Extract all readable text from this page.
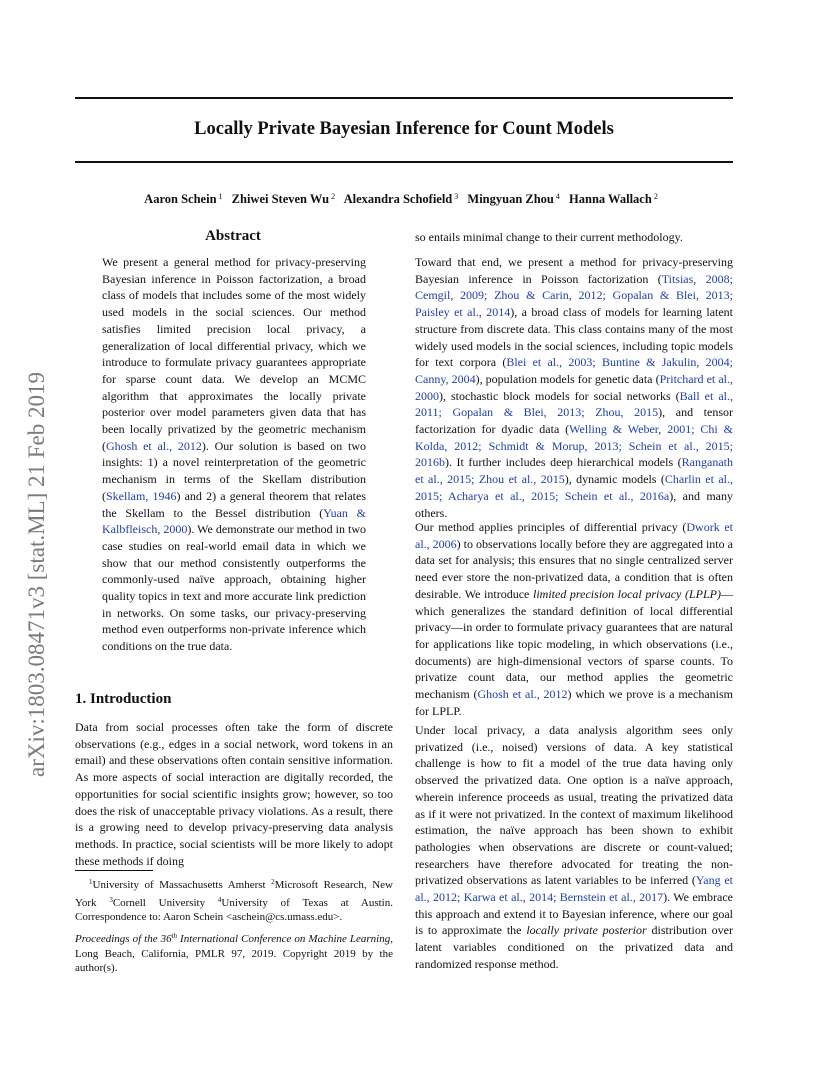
Locally Private Bayesian Inference for Count Models
Aaron Schein $^1$ Zhiwei Steven Wu $^2$ Alexandra Schofield $^3$ Mingyuan Zhou $^4$ Hanna Wallach $^2$
arXiv:1803.08471v3 [stat.ML] 21 Feb 2019
Abstract

We present a general method for privacy-preserving Bayesian inference in Poisson factorization, a broad class of models that includes some of the most widely used models in the social sciences. Our method satisfies limited precision local privacy, a generalization of local differential privacy, which we introduce to formulate privacy guarantees appropriate for sparse count data. We develop an MCMC algorithm that approximates the locally private posterior over model parameters given data that has been locally privatized by the geometric mechanism (Ghosh et al., 2012). Our solution is based on two insights: 1) a novel reinterpretation of the geometric mechanism in terms of the Skellam distribution (Skellam, 1946) and 2) a general theorem that relates the Skellam to the Bessel distribution (Yuan & Kalbfleisch, 2000). We demonstrate our method in two case studies on real-world email data in which we show that our method consistently outperforms the commonly-used naïve approach, obtaining higher quality topics in text and more accurate link prediction in networks. On some tasks, our privacy-preserving method even outperforms non-private inference which conditions on the true data.

1. Introduction

Data from social processes often take the form of discrete observations (e.g., edges in a social network, word tokens in an email) and these observations often contain sensitive information. As more aspects of social interaction are digitally recorded, the opportunities for social scientific insights grow; however, so too does the risk of unacceptable privacy violations. As a result, there is a growing need to develop privacy-preserving data analysis methods. In practice, social scientists will be more likely to adopt these methods if doing

$^1$University of Massachusetts Amherst $^2$Microsoft Research, New York $^3$Cornell University $^4$University of Texas at Austin. Correspondence to: Aaron Schein <aschein@cs.umass.edu>.
Proceedings of the 36th International Conference on Machine Learning, Long Beach, California, PMLR 97, 2019. Copyright 2019 by the author(s).

so entails minimal change to their current methodology.

Toward that end, we present a method for privacy-preserving Bayesian inference in Poisson factorization (Titsias, 2008; Cemgil, 2009; Zhou & Carin, 2012; Gopalan & Blei, 2013; Paisley et al., 2014), a broad class of models for learning latent structure from discrete data. This class contains many of the most widely used models in the social sciences, including topic models for text corpora (Blei et al., 2003; Buntine & Jakulin, 2004; Canny, 2004), population models for genetic data (Pritchard et al., 2000), stochastic block models for social networks (Ball et al., 2011; Gopalan & Blei, 2013; Zhou, 2015), and tensor factorization for dyadic data (Welling & Weber, 2001; Chi & Kolda, 2012; Schmidt & Morup, 2013; Schein et al., 2015; 2016b). It further includes deep hierarchical models (Ranganath et al., 2015; Zhou et al., 2015), dynamic models (Charlin et al., 2015; Acharya et al., 2015; Schein et al., 2016a), and many others.

Our method applies principles of differential privacy (Dwork et al., 2006) to observations locally before they are aggregated into a data set for analysis; this ensures that no single centralized server need ever store the non-privatized data, a condition that is often desirable. We introduce limited precision local privacy (LPLP)—which generalizes the standard definition of local differential privacy—in order to formulate privacy guarantees that are natural for applications like topic modeling, in which observations (i.e., documents) are high-dimensional vectors of sparse counts. To privatize count data, our method applies the geometric mechanism (Ghosh et al., 2012) which we prove is a mechanism for LPLP.

Under local privacy, a data analysis algorithm sees only privatized (i.e., noised) versions of data. A key statistical challenge is how to fit a model of the true data having only observed the privatized data. One option is a naïve approach, wherein inference proceeds as usual, treating the privatized data as if it were not privatized. In the context of maximum likelihood estimation, the naïve approach has been shown to exhibit pathologies when observations are discrete or count-valued; researchers have therefore advocated for treating the non-privatized observations as latent variables to be inferred (Yang et al., 2012; Karwa et al., 2014; Bernstein et al., 2017). We embrace this approach and extend it to Bayesian inference, where our goal is to approximate the locally private posterior distribution over latent variables conditioned on the privatized data and randomized response method.
